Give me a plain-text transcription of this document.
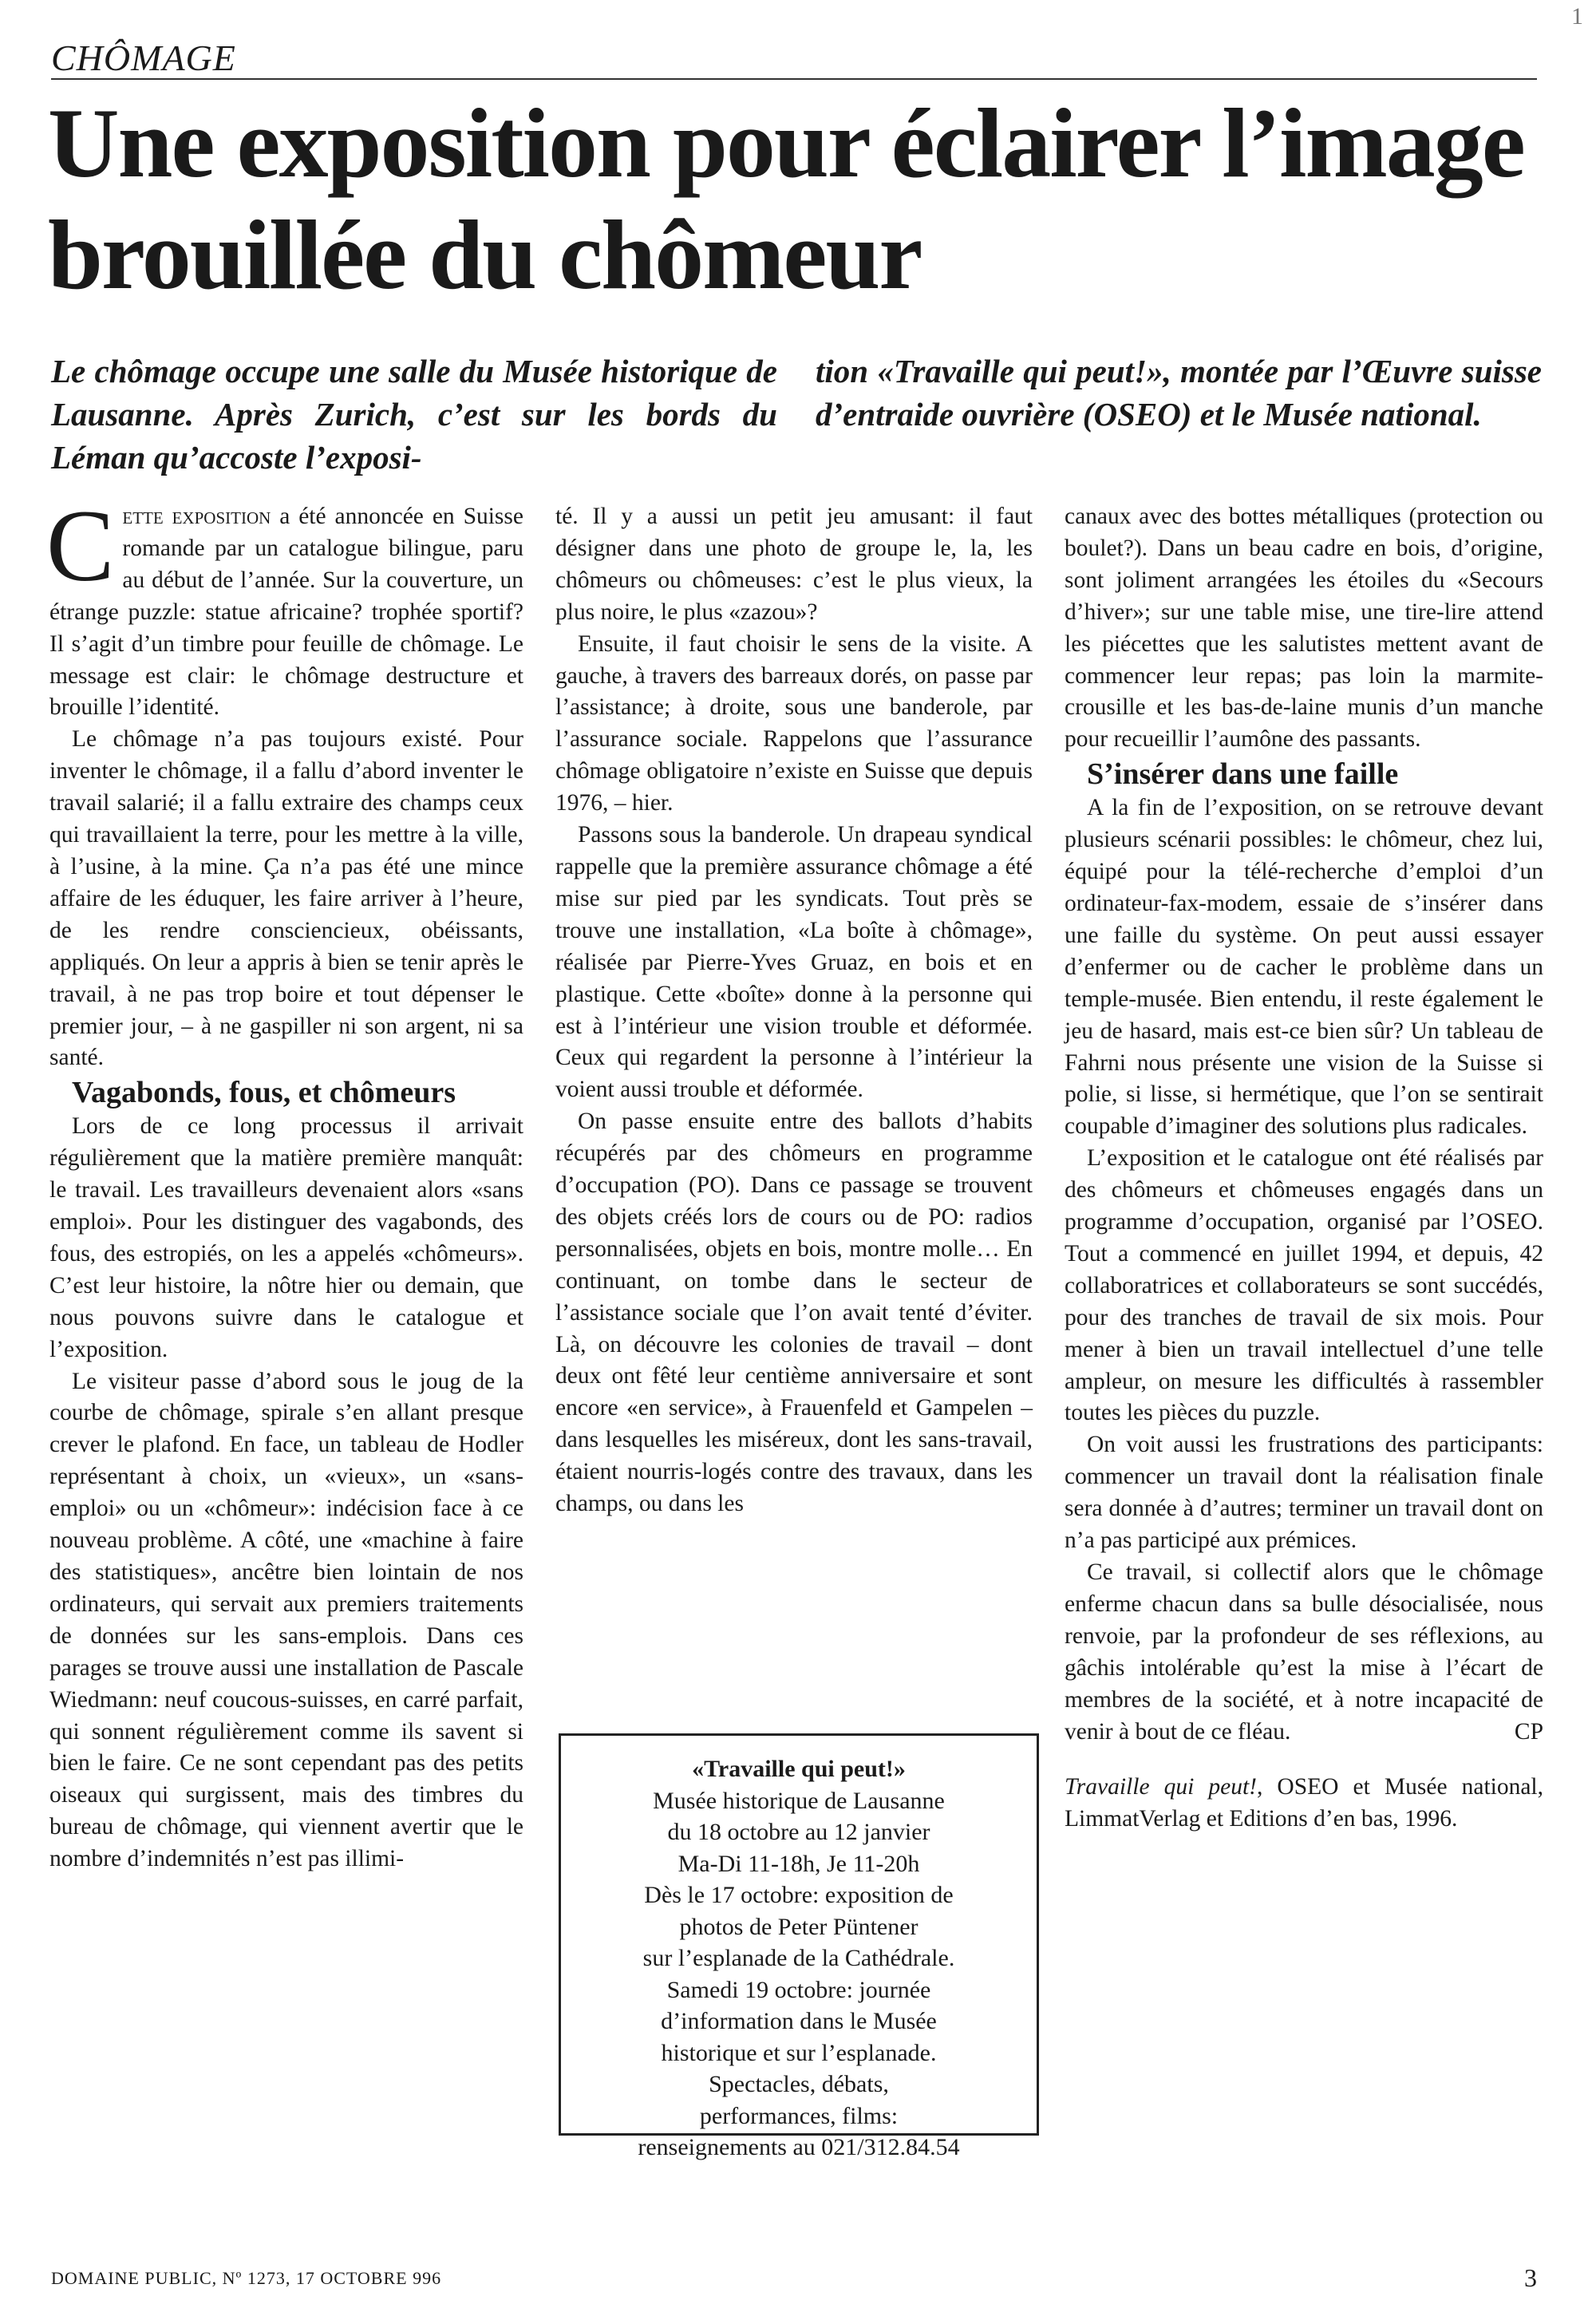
1
CHÔMAGE
Une exposition pour éclairer l’image brouillée du chômeur

Le chômage occupe une salle du Musée historique de Lausanne. Après Zurich, c’est sur les bords du Léman qu’accoste l’exposi-

tion «Travaille qui peut!», montée par l’Œuvre suisse d’entraide ouvrière (OSEO) et le Musée national.

Cette exposition a été annoncée en Suisse romande par un catalogue bilingue, paru au début de l’année. Sur la couverture, un étrange puzzle: statue africaine? trophée sportif? Il s’agit d’un timbre pour feuille de chômage. Le message est clair: le chômage destructure et brouille l’identité.

Le chômage n’a pas toujours existé. Pour inventer le chômage, il a fallu d’abord inventer le travail salarié; il a fallu extraire des champs ceux qui travaillaient la terre, pour les mettre à la ville, à l’usine, à la mine. Ça n’a pas été une mince affaire de les éduquer, les faire arriver à l’heure, de les rendre consciencieux, obéissants, appliqués. On leur a appris à bien se tenir après le travail, à ne pas trop boire et tout dépenser le premier jour, – à ne gaspiller ni son argent, ni sa santé.

Vagabonds, fous, et chômeurs

Lors de ce long processus il arrivait régulièrement que la matière première manquât: le travail. Les travailleurs devenaient alors «sans emploi». Pour les distinguer des vagabonds, des fous, des estropiés, on les a appelés «chômeurs». C’est leur histoire, la nôtre hier ou demain, que nous pouvons suivre dans le catalogue et l’exposition.

Le visiteur passe d’abord sous le joug de la courbe de chômage, spirale s’en allant presque crever le plafond. En face, un tableau de Hodler représentant à choix, un «vieux», un «sans-emploi» ou un «chômeur»: indécision face à ce nouveau problème. A côté, une «machine à faire des statistiques», ancêtre bien lointain de nos ordinateurs, qui servait aux premiers traitements de données sur les sans-emplois. Dans ces parages se trouve aussi une installation de Pascale Wiedmann: neuf coucous-suisses, en carré parfait, qui sonnent régulièrement comme ils savent si bien le faire. Ce ne sont cependant pas des petits oiseaux qui surgissent, mais des timbres du bureau de chômage, qui viennent avertir que le nombre d’indemnités n’est pas illimi-

té. Il y a aussi un petit jeu amusant: il faut désigner dans une photo de groupe le, la, les chômeurs ou chômeuses: c’est le plus vieux, la plus noire, le plus «zazou»?

Ensuite, il faut choisir le sens de la visite. A gauche, à travers des barreaux dorés, on passe par l’assistance; à droite, sous une banderole, par l’assurance sociale. Rappelons que l’assurance chômage obligatoire n’existe en Suisse que depuis 1976, – hier.

Passons sous la banderole. Un drapeau syndical rappelle que la première assurance chômage a été mise sur pied par les syndicats. Tout près se trouve une installation, «La boîte à chômage», réalisée par Pierre-Yves Gruaz, en bois et en plastique. Cette «boîte» donne à la personne qui est à l’intérieur une vision trouble et déformée. Ceux qui regardent la personne à l’intérieur la voient aussi trouble et déformée.

On passe ensuite entre des ballots d’habits récupérés par des chômeurs en programme d’occupation (PO). Dans ce passage se trouvent des objets créés lors de cours ou de PO: radios personnalisées, objets en bois, montre molle… En continuant, on tombe dans le secteur de l’assistance sociale que l’on avait tenté d’éviter. Là, on découvre les colonies de travail – dont deux ont fêté leur centième anniversaire et sont encore «en service», à Frauenfeld et Gampelen – dans lesquelles les miséreux, dont les sans-travail, étaient nourris-logés contre des travaux, dans les champs, ou dans les

«Travaille qui peut!»
Musée historique de Lausanne
du 18 octobre au 12 janvier
Ma-Di 11-18h, Je 11-20h
Dès le 17 octobre: exposition de
photos de Peter Püntener
sur l’esplanade de la Cathédrale.
Samedi 19 octobre: journée
d’information dans le Musée
historique et sur l’esplanade.
Spectacles, débats,
performances, films:
renseignements au 021/312.84.54

canaux avec des bottes métalliques (protection ou boulet?). Dans un beau cadre en bois, d’origine, sont joliment arrangées les étoiles du «Secours d’hiver»; sur une table mise, une tire-lire attend les piécettes que les salutistes mettent avant de commencer leur repas; pas loin la marmite-crousille et les bas-de-laine munis d’un manche pour recueillir l’aumône des passants.

S’insérer dans une faille

A la fin de l’exposition, on se retrouve devant plusieurs scénarii possibles: le chômeur, chez lui, équipé pour la télé-recherche d’emploi d’un ordinateur-fax-modem, essaie de s’insérer dans une faille du système. On peut aussi essayer d’enfermer ou de cacher le problème dans un temple-musée. Bien entendu, il reste également le jeu de hasard, mais est-ce bien sûr? Un tableau de Fahrni nous présente une vision de la Suisse si polie, si lisse, si hermétique, que l’on se sentirait coupable d’imaginer des solutions plus radicales.

L’exposition et le catalogue ont été réalisés par des chômeurs et chômeuses engagés dans un programme d’occupation, organisé par l’OSEO. Tout a commencé en juillet 1994, et depuis, 42 collaboratrices et collaborateurs se sont succédés, pour des tranches de travail de six mois. Pour mener à bien un travail intellectuel d’une telle ampleur, on mesure les difficultés à rassembler toutes les pièces du puzzle.

On voit aussi les frustrations des participants: commencer un travail dont la réalisation finale sera donnée à d’autres; terminer un travail dont on n’a pas participé aux prémices.

Ce travail, si collectif alors que le chômage enferme chacun dans sa bulle désocialisée, nous renvoie, par la profondeur de ses réflexions, au gâchis intolérable qu’est la mise à l’écart de membres de la société, et à notre incapacité de venir à bout de ce fléau.	CP

Travaille qui peut!, OSEO et Musée national, LimmatVerlag et Editions d’en bas, 1996.

DOMAINE PUBLIC, Nº 1273, 17 OCTOBRE 996	3
